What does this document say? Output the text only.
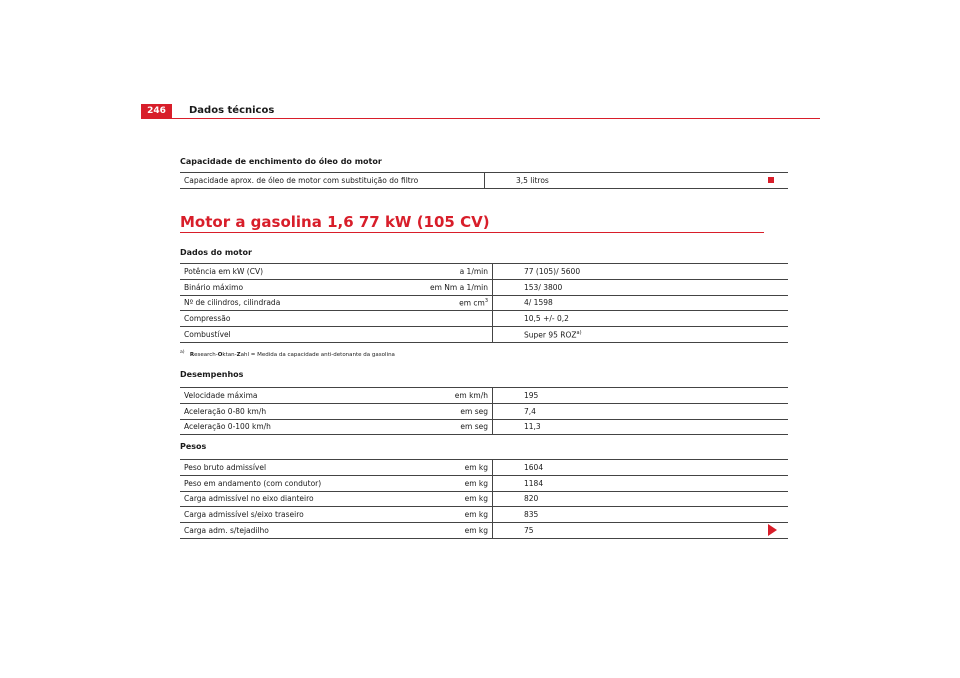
246	Dados técnicos
Capacidade de enchimento do óleo do motor
Capacidade aprox. de óleo de motor com substituição do filtro	3,5 litros
Motor a gasolina 1,6 77 kW (105 CV)
Dados do motor
Potência em kW (CV)	a 1/min	77 (105)/ 5600
Binário máximo	em Nm a 1/min	153/ 3800
Nº de cilindros, cilindrada	em $cm^3$	4/ 1598
Compressão		10,5 +/- 0,2
Combustível		Super 95 ROZ$^{a)}$
$^{a)}$ Research-Oktan-Zahl = Medida da capacidade anti-detonante da gasolina
Desempenhos
Velocidade máxima	em km/h	195
Aceleração 0-80 km/h	em seg	7,4
Aceleração 0-100 km/h	em seg	11,3
Pesos
Peso bruto admissível	em kg	1604
Peso em andamento (com condutor)	em kg	1184
Carga admissível no eixo dianteiro	em kg	820
Carga admissível s/eixo traseiro	em kg	835
Carga adm. s/tejadilho	em kg	75
